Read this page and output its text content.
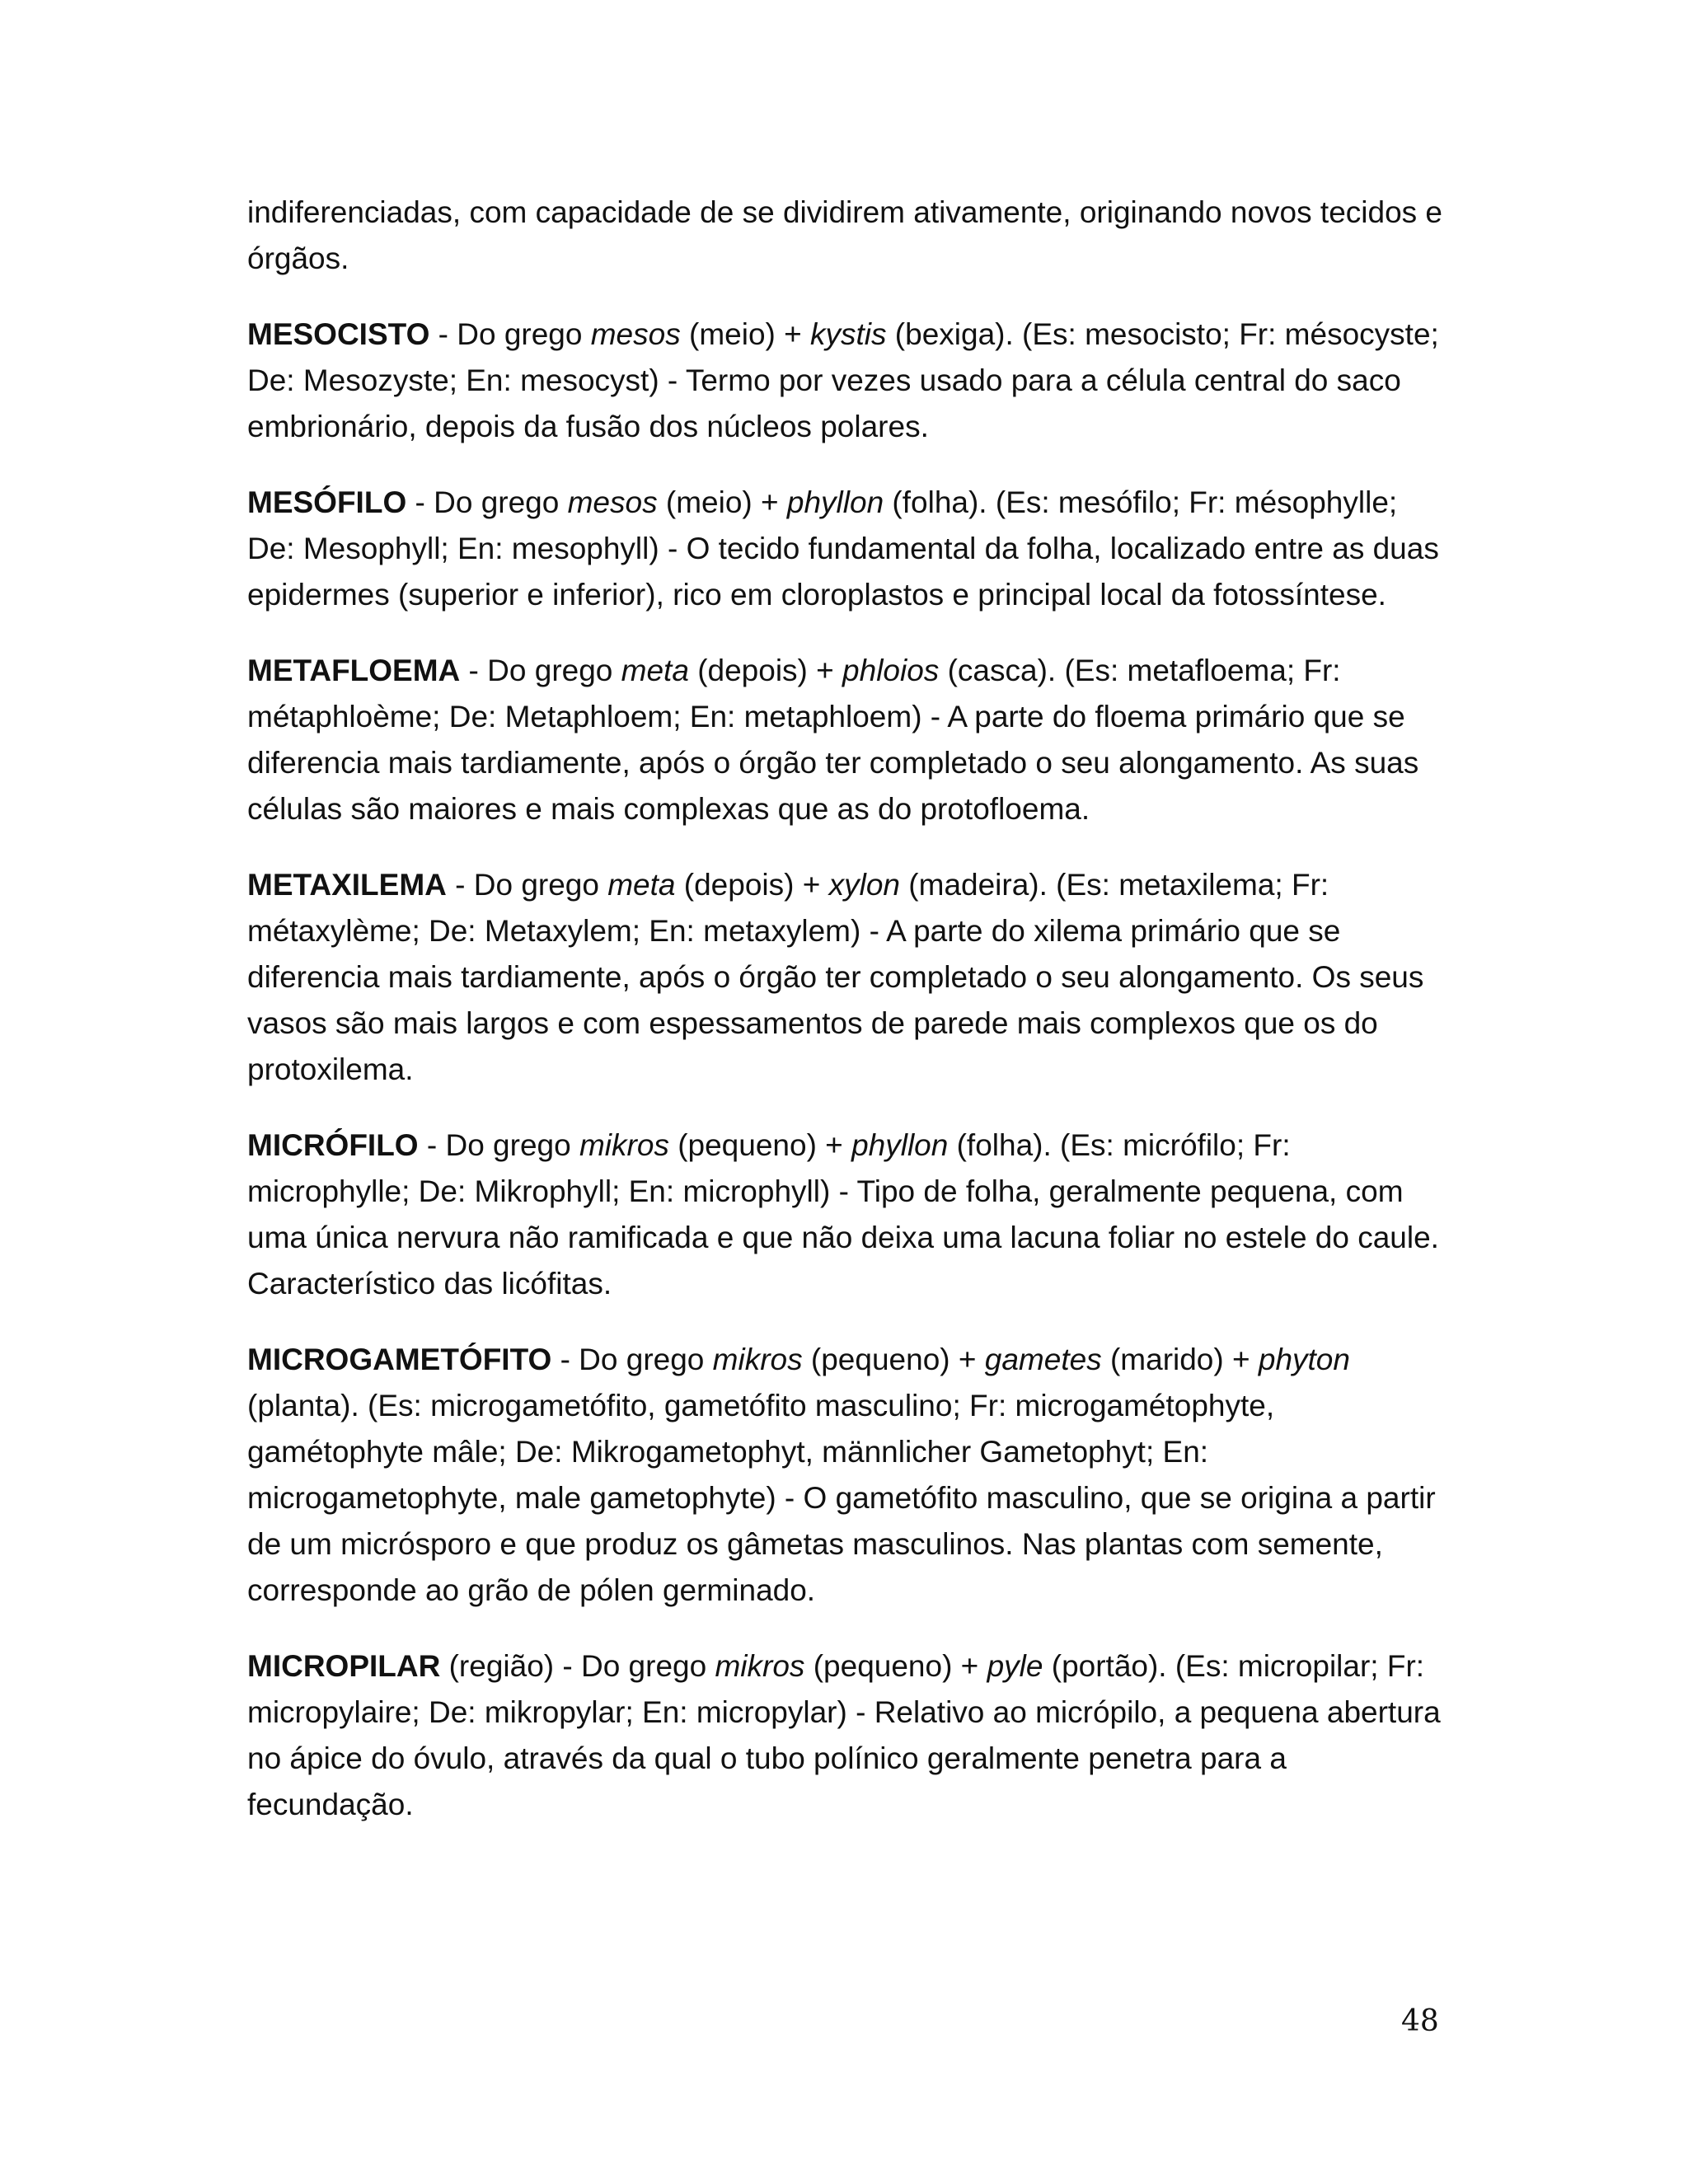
indiferenciadas, com capacidade de se dividirem ativamente, originando novos tecidos e órgãos.

MESOCISTO - Do grego mesos (meio) + kystis (bexiga). (Es: mesocisto; Fr: mésocyste; De: Mesozyste; En: mesocyst) - Termo por vezes usado para a célula central do saco embrionário, depois da fusão dos núcleos polares.

MESÓFILO - Do grego mesos (meio) + phyllon (folha). (Es: mesófilo; Fr: mésophylle; De: Mesophyll; En: mesophyll) - O tecido fundamental da folha, localizado entre as duas epidermes (superior e inferior), rico em cloroplastos e principal local da fotossíntese.

METAFLOEMA - Do grego meta (depois) + phloios (casca). (Es: metafloema; Fr: métaphloème; De: Metaphloem; En: metaphloem) - A parte do floema primário que se diferencia mais tardiamente, após o órgão ter completado o seu alongamento. As suas células são maiores e mais complexas que as do protofloema.

METAXILEMA - Do grego meta (depois) + xylon (madeira). (Es: metaxilema; Fr: métaxylème; De: Metaxylem; En: metaxylem) - A parte do xilema primário que se diferencia mais tardiamente, após o órgão ter completado o seu alongamento. Os seus vasos são mais largos e com espessamentos de parede mais complexos que os do protoxilema.

MICRÓFILO - Do grego mikros (pequeno) + phyllon (folha). (Es: micrófilo; Fr: microphylle; De: Mikrophyll; En: microphyll) - Tipo de folha, geralmente pequena, com uma única nervura não ramificada e que não deixa uma lacuna foliar no estele do caule. Característico das licófitas.

MICROGAMETÓFITO - Do grego mikros (pequeno) + gametes (marido) + phyton (planta). (Es: microgametófito, gametófito masculino; Fr: microgamétophyte, gamétophyte mâle; De: Mikrogametophyt, männlicher Gametophyt; En: microgametophyte, male gametophyte) - O gametófito masculino, que se origina a partir de um micrósporo e que produz os gâmetas masculinos. Nas plantas com semente, corresponde ao grão de pólen germinado.

MICROPILAR (região) - Do grego mikros (pequeno) + pyle (portão). (Es: micropilar; Fr: micropylaire; De: mikropylar; En: micropylar) - Relativo ao micrópilo, a pequena abertura no ápice do óvulo, através da qual o tubo polínico geralmente penetra para a fecundação.

48
